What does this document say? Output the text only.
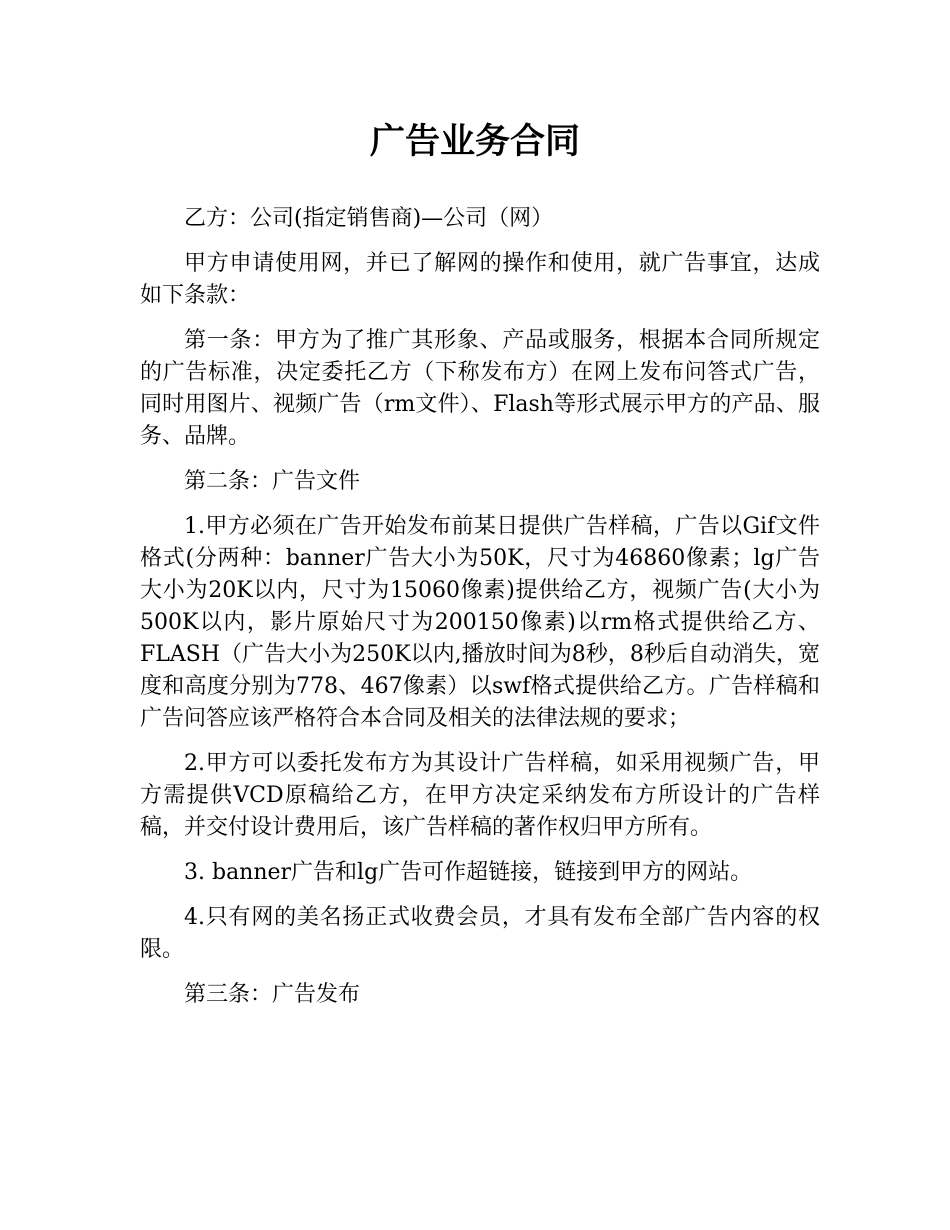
广告业务合同

乙方：公司(指定销售商)—公司（网）

甲方申请使用网，并已了解网的操作和使用，就广告事宜，达成如下条款：

第一条：甲方为了推广其形象、产品或服务，根据本合同所规定的广告标准，决定委托乙方（下称发布方）在网上发布问答式广告，同时用图片、视频广告（rm文件）、Flash等形式展示甲方的产品、服务、品牌。

第二条：广告文件

1.甲方必须在广告开始发布前某日提供广告样稿，广告以Gif文件格式(分两种：banner广告大小为50K，尺寸为46860像素；lg广告大小为20K以内，尺寸为15060像素)提供给乙方，视频广告(大小为500K以内，影片原始尺寸为200150像素)以rm格式提供给乙方、FLASH（广告大小为250K以内,播放时间为8秒，8秒后自动消失，宽度和高度分别为778、467像素）以swf格式提供给乙方。广告样稿和广告问答应该严格符合本合同及相关的法律法规的要求；

2.甲方可以委托发布方为其设计广告样稿，如采用视频广告，甲方需提供VCD原稿给乙方，在甲方决定采纳发布方所设计的广告样稿，并交付设计费用后，该广告样稿的著作权归甲方所有。

3. banner广告和lg广告可作超链接，链接到甲方的网站。

4.只有网的美名扬正式收费会员，才具有发布全部广告内容的权限。

第三条：广告发布
